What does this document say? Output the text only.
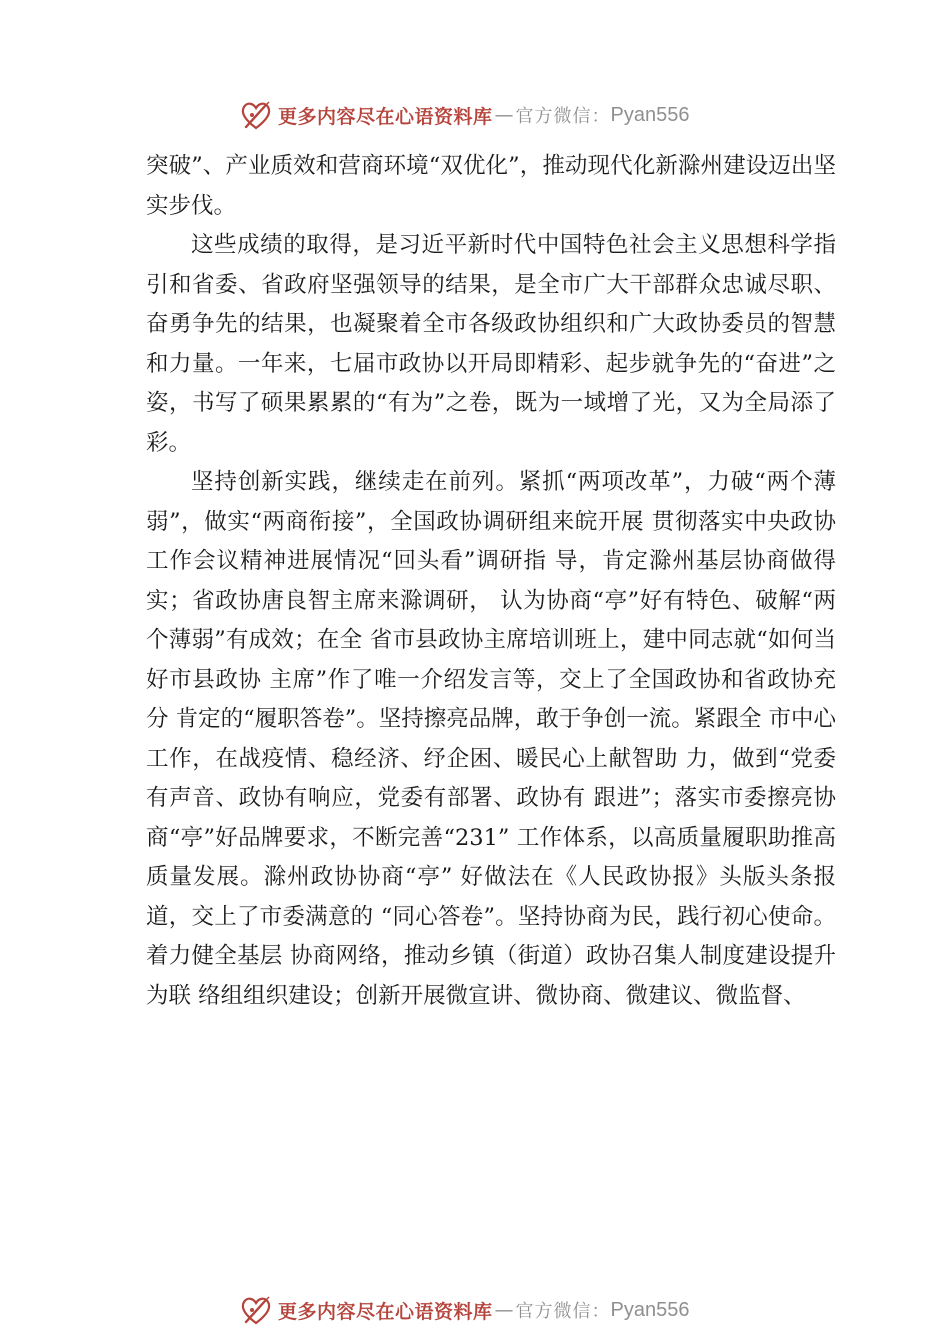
更多内容尽在心语资料库 — 官方微信： Pyan556

突破”、产业质效和营商环境“双优化”，推动现代化新滁州建设迈出坚实步伐。

这些成绩的取得，是习近平新时代中国特色社会主义思想科学指引和省委、省政府坚强领导的结果，是全市广大干部群众忠诚尽职、奋勇争先的结果，也凝聚着全市各级政协组织和广大政协委员的智慧和力量。一年来，七届市政协以开局即精彩、起步就争先的“奋进”之姿，书写了硕果累累的“有为”之卷，既为一域增了光，又为全局添了彩。

坚持创新实践，继续走在前列。紧抓“两项改革”，力破“两个薄弱”，做实“两商衔接”，全国政协调研组来皖开展 贯彻落实中央政协工作会议精神进展情况“回头看”调研指 导，肯定滁州基层协商做得实；省政协唐良智主席来滁调研， 认为协商“亭”好有特色、破解“两个薄弱”有成效；在全 省市县政协主席培训班上，建中同志就“如何当好市县政协 主席”作了唯一介绍发言等，交上了全国政协和省政协充分 肯定的“履职答卷”。坚持擦亮品牌，敢于争创一流。紧跟全 市中心工作，在战疫情、稳经济、纾企困、暖民心上献智助 力，做到“党委有声音、政协有响应，党委有部署、政协有 跟进”；落实市委擦亮协商“亭”好品牌要求，不断完善“231” 工作体系，以高质量履职助推高质量发展。滁州政协协商“亭” 好做法在《人民政协报》头版头条报道，交上了市委满意的 “同心答卷”。坚持协商为民，践行初心使命。着力健全基层 协商网络，推动乡镇（街道）政协召集人制度建设提升为联 络组组织建设；创新开展微宣讲、微协商、微建议、微监督、

更多内容尽在心语资料库 — 官方微信： Pyan556
